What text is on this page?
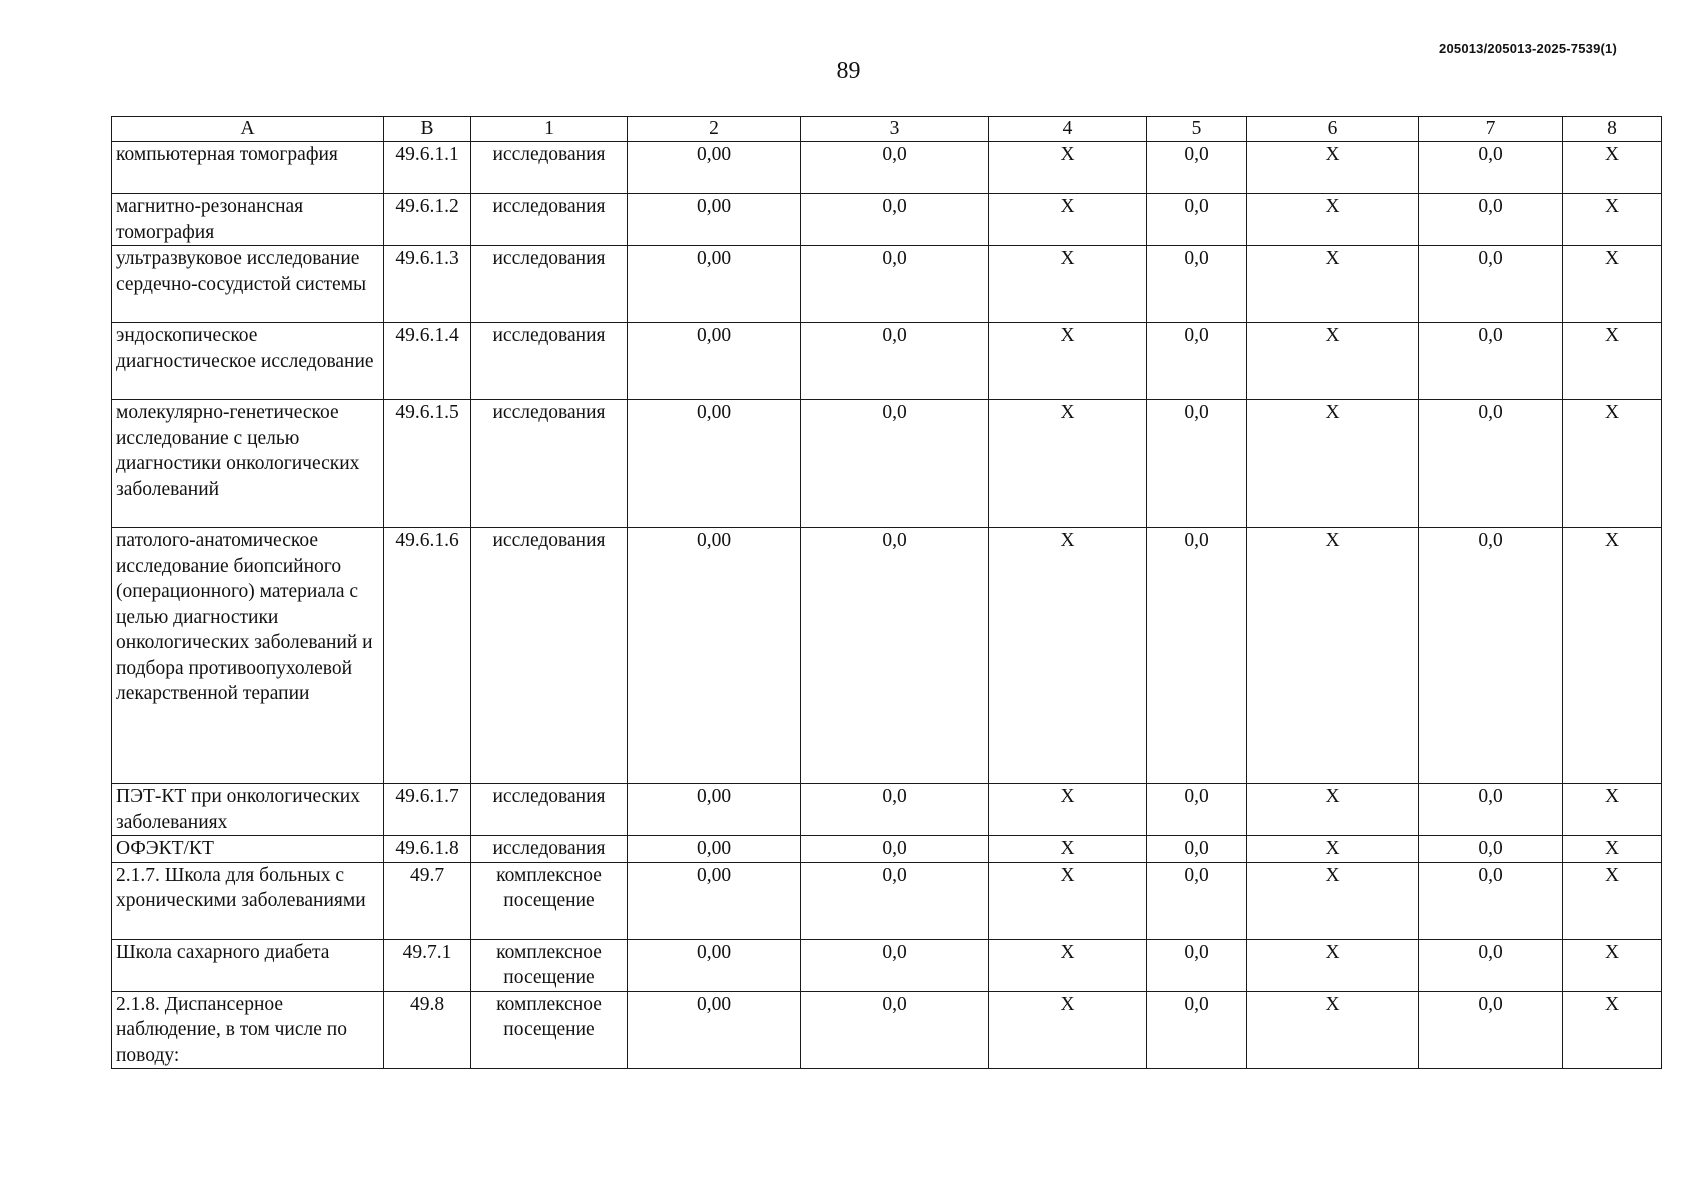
89
205013/205013-2025-7539(1)
А	В	1	2	3	4	5	6	7	8
компьютерная томография	49.6.1.1	исследования	0,00	0,0	Х	0,0	Х	0,0	Х
магнитно-резонансная томография	49.6.1.2	исследования	0,00	0,0	Х	0,0	Х	0,0	Х
ультразвуковое исследование сердечно-сосудистой системы	49.6.1.3	исследования	0,00	0,0	Х	0,0	Х	0,0	Х
эндоскопическое диагностическое исследование	49.6.1.4	исследования	0,00	0,0	Х	0,0	Х	0,0	Х
молекулярно-генетическое исследование с целью диагностики онкологических заболеваний	49.6.1.5	исследования	0,00	0,0	Х	0,0	Х	0,0	Х
патолого-анатомическое исследование биопсийного (операционного) материала с целью диагностики онкологических заболеваний и подбора противоопухолевой лекарственной терапии	49.6.1.6	исследования	0,00	0,0	Х	0,0	Х	0,0	Х
ПЭТ-КТ при онкологических заболеваниях	49.6.1.7	исследования	0,00	0,0	Х	0,0	Х	0,0	Х
ОФЭКТ/КТ	49.6.1.8	исследования	0,00	0,0	Х	0,0	Х	0,0	Х
2.1.7. Школа для больных с хроническими заболеваниями	49.7	комплексное посещение	0,00	0,0	Х	0,0	Х	0,0	Х
Школа сахарного диабета	49.7.1	комплексное посещение	0,00	0,0	Х	0,0	Х	0,0	Х
2.1.8. Диспансерное наблюдение, в том числе по поводу:	49.8	комплексное посещение	0,00	0,0	Х	0,0	Х	0,0	Х
